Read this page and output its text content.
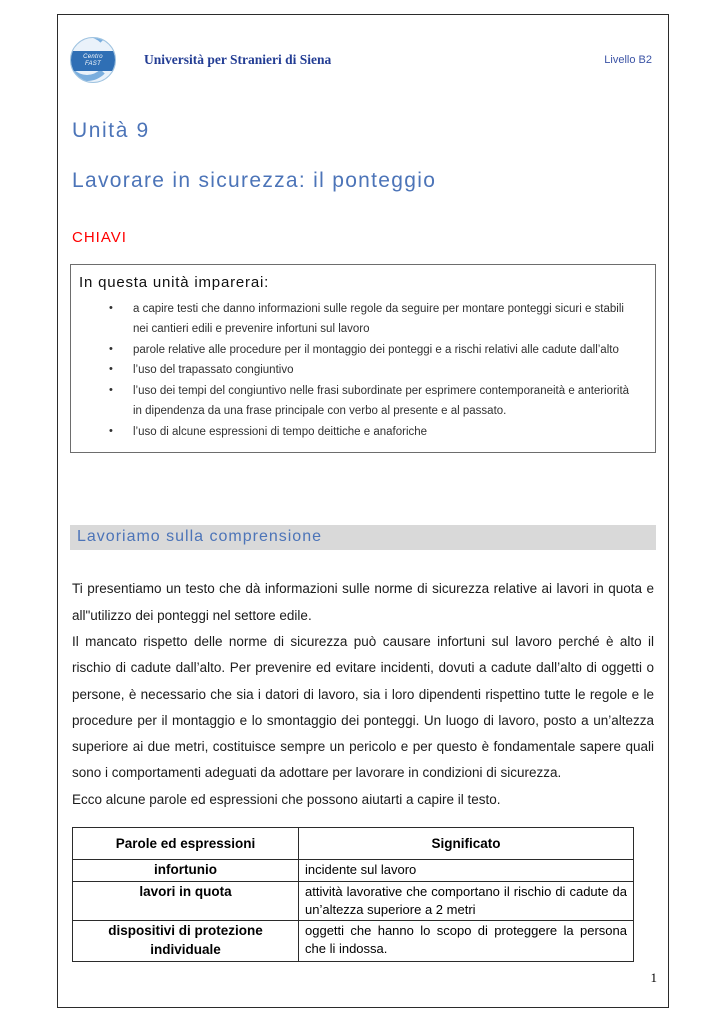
Centro
FAST	Università per Stranieri di Siena	Livello B2
Unità 9
Lavorare in sicurezza: il ponteggio
CHIAVI
In questa unità imparerai:
• a capire testi che danno informazioni sulle regole da seguire per montare ponteggi sicuri e stabili nei cantieri edili e prevenire infortuni sul lavoro
• parole relative alle procedure per il montaggio dei ponteggi e a rischi relativi alle cadute dall’alto
• l’uso del trapassato congiuntivo
• l’uso dei tempi del congiuntivo nelle frasi subordinate per esprimere contemporaneità e anteriorità in dipendenza da una frase principale con verbo al presente e al passato.
• l’uso di alcune espressioni di tempo deittiche e anaforiche
Lavoriamo sulla comprensione

Ti presentiamo un testo che dà informazioni sulle norme di sicurezza relative ai lavori in quota e all"utilizzo dei ponteggi nel settore edile.

Il mancato rispetto delle norme di sicurezza può causare infortuni sul lavoro perché è alto il rischio di cadute dall’alto. Per prevenire ed evitare incidenti, dovuti a cadute dall’alto di oggetti o persone, è necessario che sia i datori di lavoro, sia i loro dipendenti rispettino tutte le regole e le procedure per il montaggio e lo smontaggio dei ponteggi. Un luogo di lavoro, posto a un’altezza superiore ai due metri, costituisce sempre un pericolo e per questo è fondamentale sapere quali sono i comportamenti adeguati da adottare per lavorare in condizioni di sicurezza.

Ecco alcune parole ed espressioni che possono aiutarti a capire il testo.

Parole ed espressioni	Significato
infortunio	incidente sul lavoro
lavori in quota	attività lavorative che comportano il rischio di cadute da un’altezza superiore a 2 metri
dispositivi di protezione individuale	oggetti che hanno lo scopo di proteggere la persona che li indossa.
1
